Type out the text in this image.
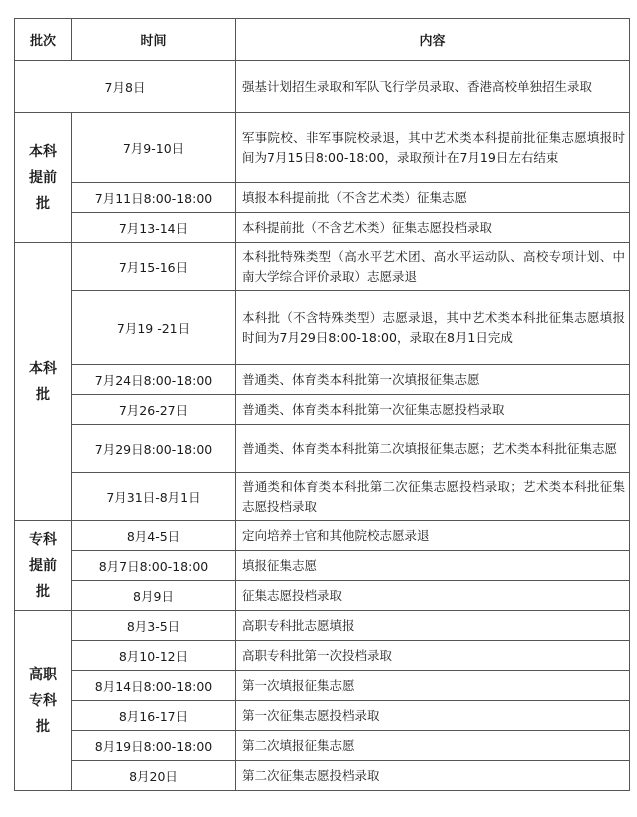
批次	时间	内容
7月8日		强基计划招生录取和军队飞行学员录取、香港高校单独招生录取
本科
提前
批	7月9-10日	军事院校、非军事院校录退，其中艺术类本科提前批征集志愿填报时间为7月15日8:00-18:00，录取预计在7月19日左右结束
	7月11日8:00-18:00	填报本科提前批（不含艺术类）征集志愿
	7月13-14日	本科提前批（不含艺术类）征集志愿投档录取
本科
批	7月15-16日	本科批特殊类型（高水平艺术团、高水平运动队、高校专项计划、中南大学综合评价录取）志愿录退
	7月19 -21日	本科批（不含特殊类型）志愿录退，其中艺术类本科批征集志愿填报时间为7月29日8:00-18:00，录取在8月1日完成
	7月24日8:00-18:00	普通类、体育类本科批第一次填报征集志愿
	7月26-27日	普通类、体育类本科批第一次征集志愿投档录取
	7月29日8:00-18:00	普通类、体育类本科批第二次填报征集志愿；艺术类本科批征集志愿
	7月31日-8月1日	普通类和体育类本科批第二次征集志愿投档录取；艺术类本科批征集志愿投档录取
专科
提前
批	8月4-5日	定向培养士官和其他院校志愿录退
	8月7日8:00-18:00	填报征集志愿
	8月9日	征集志愿投档录取
高职
专科
批	8月3-5日	高职专科批志愿填报
	8月10-12日	高职专科批第一次投档录取
	8月14日8:00-18:00	第一次填报征集志愿
	8月16-17日	第一次征集志愿投档录取
	8月19日8:00-18:00	第二次填报征集志愿
	8月20日	第二次征集志愿投档录取
